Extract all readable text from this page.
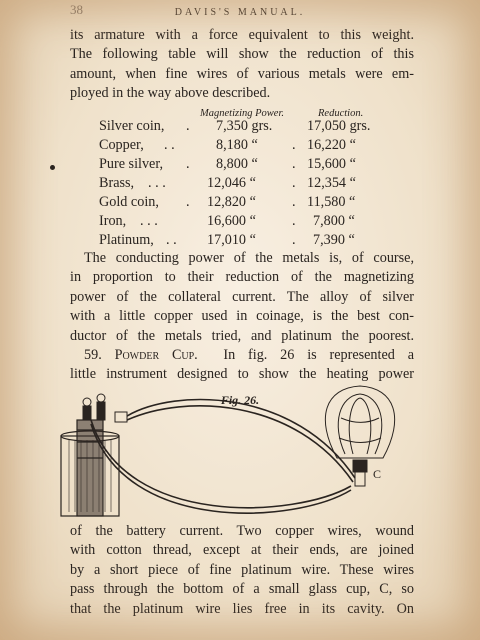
38	DAVIS'S MANUAL.
its armature with a force equivalent to this weight.
The following table will show the reduction of this
amount, when fine wires of various metals were em-
ployed in the way above described.
Magnetizing Power.	Reduction.
Silver coin, . 7,350 grs. 17,050 grs.
Copper, . .	8,180 “ . 16,220 “
Pure silver, . 8,800 “ . 15,600 “
Brass, . . .	12,046 “	. 12,354 “
Gold coin, . 12,820 “	. 11,580 “
Iron, . . .	16,600 “	. 7,800 “
Platinum, . . 17,010 “	. 7,390 “
The conducting power of the metals is, of course,
in proportion to their reduction of the magnetizing
power of the collateral current. The alloy of silver
with a little copper used in coinage, is the best con-
ductor of the metals tried, and platinum the poorest.
59. Powder Cup. In fig. 26 is represented a
little instrument designed to show the heating power
Fig. 26.
C
of the battery current. Two copper wires, wound
with cotton thread, except at their ends, are joined
by a short piece of fine platinum wire. These wires
pass through the bottom of a small glass cup, C, so
that the platinum wire lies free in its cavity. On
